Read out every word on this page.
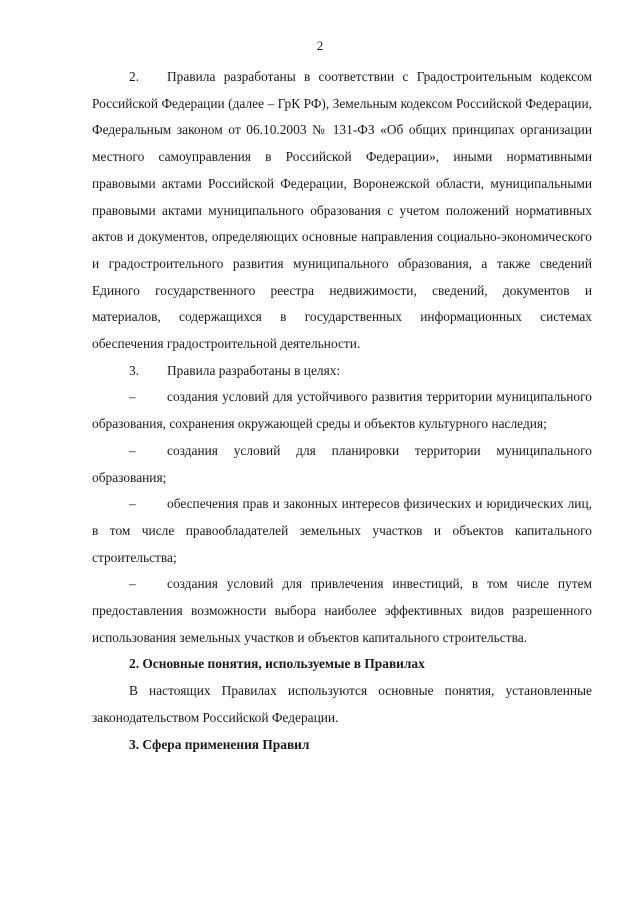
2

2. Правила разработаны в соответствии с Градостроительным кодексом Российской Федерации (далее – ГрК РФ), Земельным кодексом Российской Федерации, Федеральным законом от 06.10.2003 № 131-ФЗ «Об общих принципах организации местного самоуправления в Российской Федерации», иными нормативными правовыми актами Российской Федерации, Воронежской области, муниципальными правовыми актами муниципального образования с учетом положений нормативных актов и документов, определяющих основные направления социально-экономического и градостроительного развития муниципального образования, а также сведений Единого государственного реестра недвижимости, сведений, документов и материалов, содержащихся в государственных информационных системах обеспечения градостроительной деятельности.

3. Правила разработаны в целях:

– создания условий для устойчивого развития территории муниципального образования, сохранения окружающей среды и объектов культурного наследия;

– создания условий для планировки территории муниципального образования;

– обеспечения прав и законных интересов физических и юридических лиц, в том числе правообладателей земельных участков и объектов капитального строительства;

– создания условий для привлечения инвестиций, в том числе путем предоставления возможности выбора наиболее эффективных видов разрешенного использования земельных участков и объектов капитального строительства.

2. Основные понятия, используемые в Правилах

В настоящих Правилах используются основные понятия, установленные законодательством Российской Федерации.

3. Сфера применения Правил
